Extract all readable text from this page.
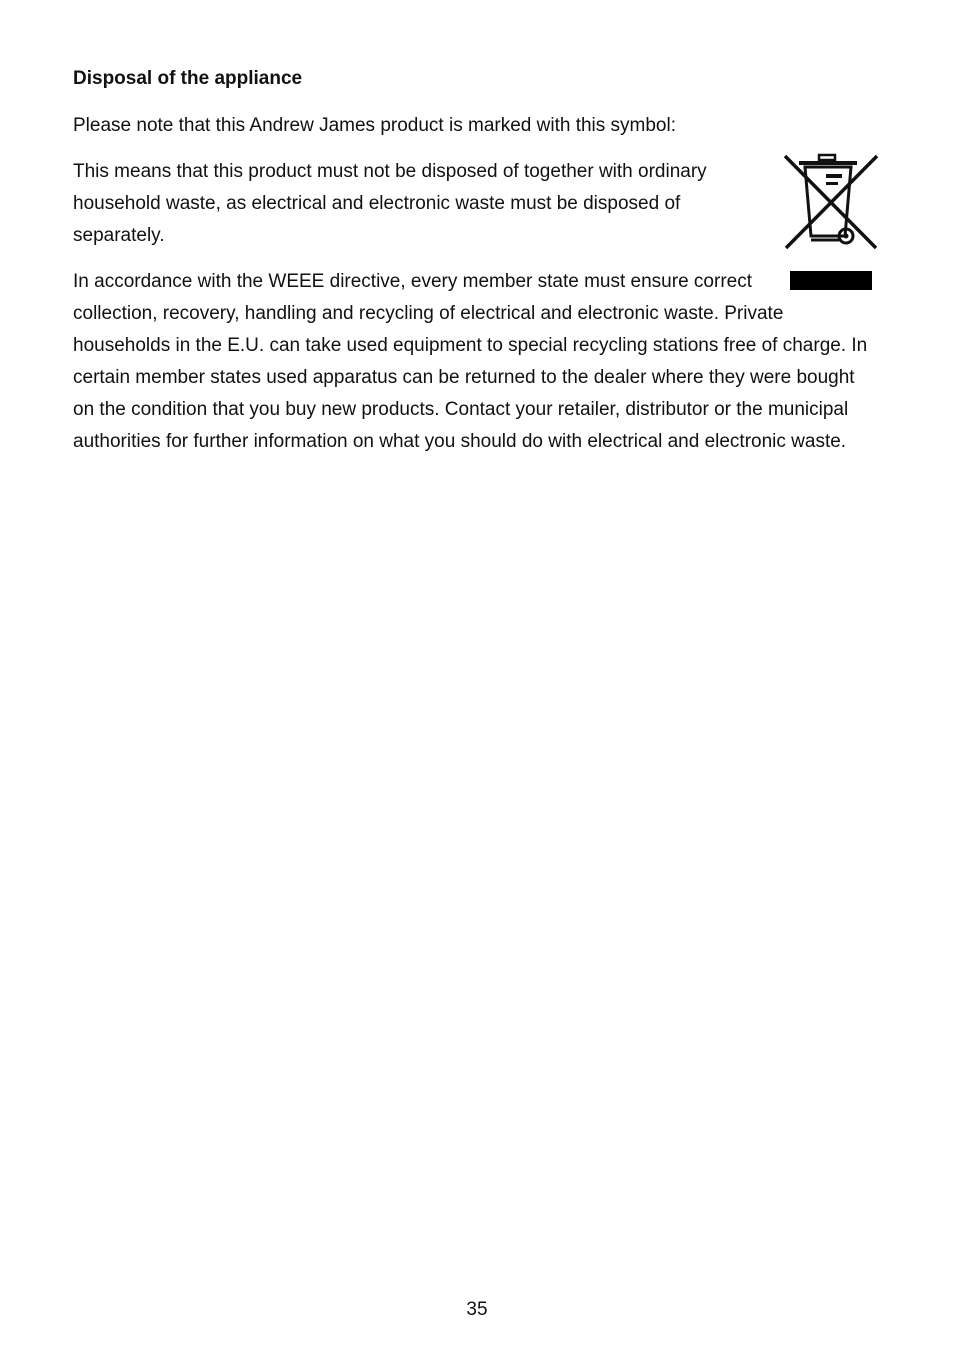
Disposal of the appliance

Please note that this Andrew James product is marked with this symbol:

This means that this product must not be disposed of together with ordinary household waste, as electrical and electronic waste must be disposed of separately.

In accordance with the WEEE directive, every member state must ensure correct collection, recovery, handling and recycling of electrical and electronic waste. Private households in the E.U. can take used equipment to special recycling stations free of charge. In certain member states used apparatus can be returned to the dealer where they were bought on the condition that you buy new products. Contact your retailer, distributor or the municipal authorities for further information on what you should do with electrical and electronic waste.

35
